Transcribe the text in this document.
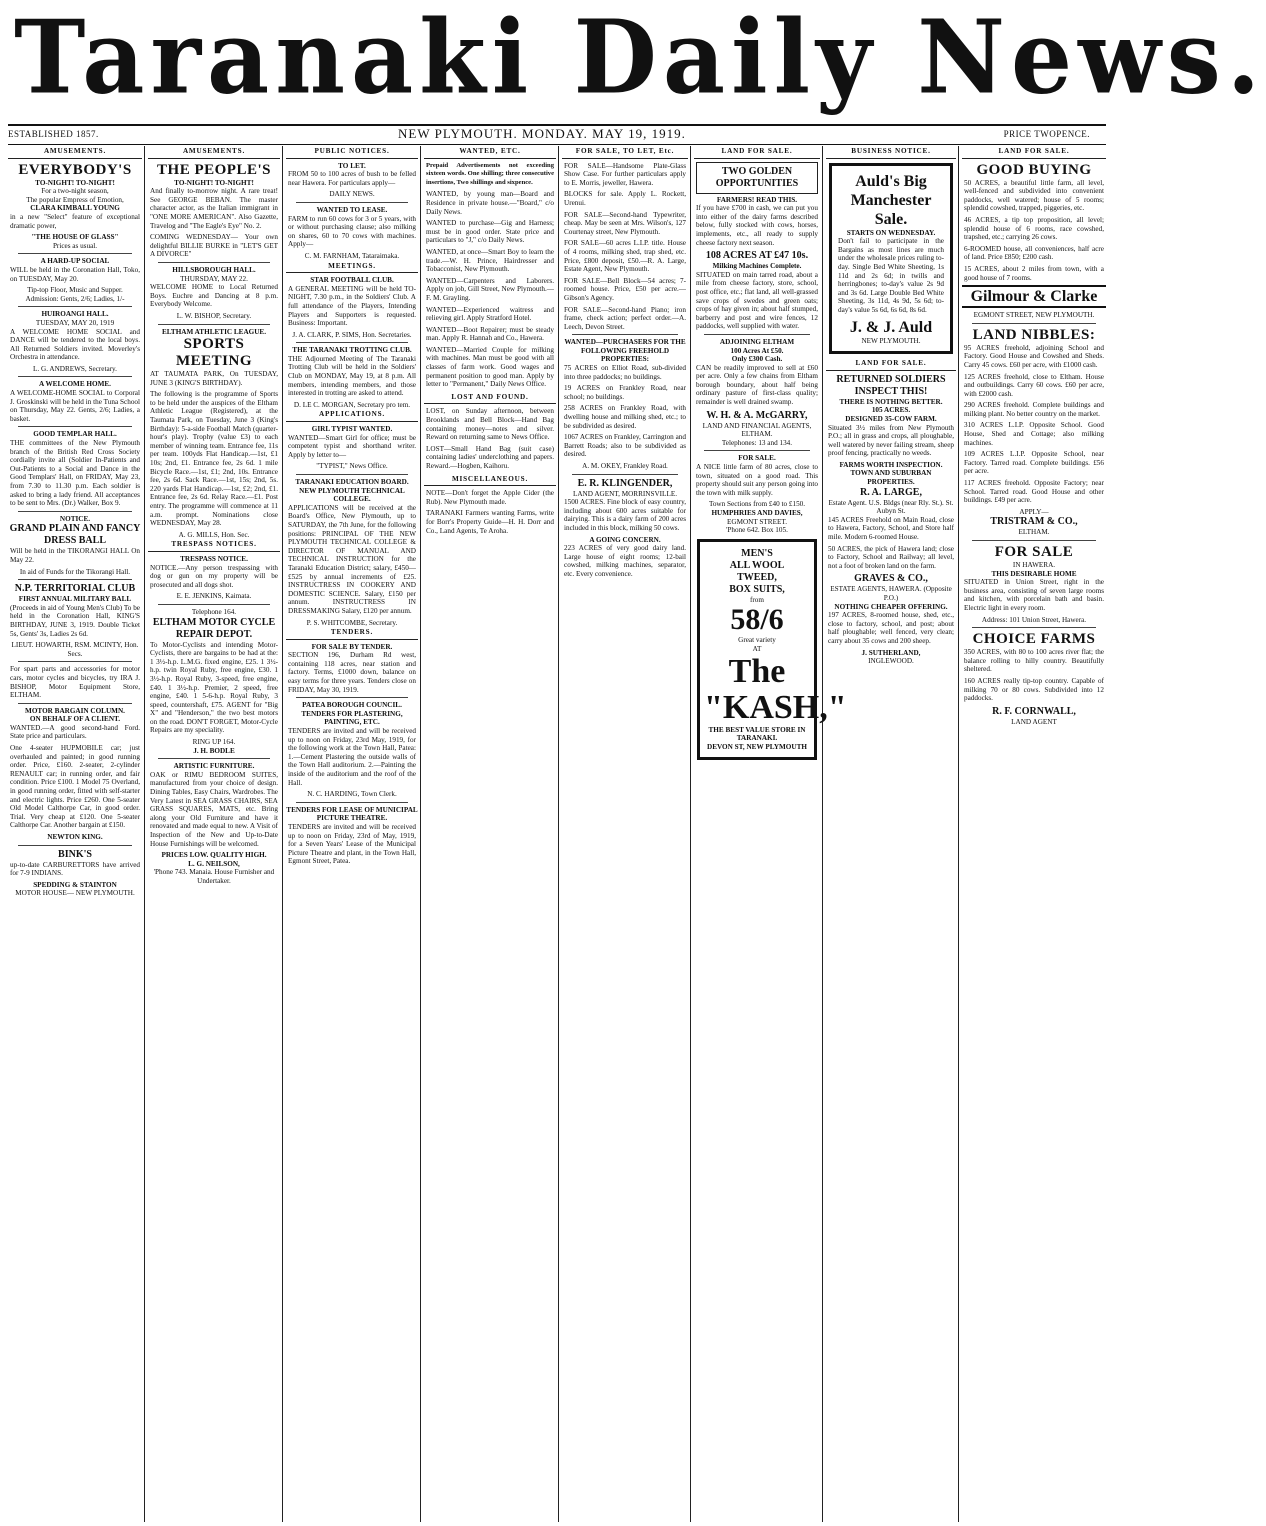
Taranaki Daily News.
ESTABLISHED 1857.	NEW PLYMOUTH. MONDAY. MAY 19, 1919.	PRICE TWOPENCE.
AMUSEMENTS.
EVERYBODY'S
TO-NIGHT! TO-NIGHT!
For a two-night season,
The popular Empress of Emotion,
CLARA KIMBALL YOUNG
in a new "Select" feature of exceptional dramatic power,
"THE HOUSE OF GLASS"
Prices as usual.
A HARD-UP SOCIAL
WILL be held in the Coronation Hall, Toko, on TUESDAY, May 20.
Tip-top Floor, Music and Supper.
Admission: Gents, 2/6; Ladies, 1/-
HUIROANGI HALL.
TUESDAY, MAY 20, 1919
A WELCOME HOME SOCIAL and DANCE will be tendered to the local boys. All Returned Soldiers invited. Moverley's Orchestra in attendance.
L. G. ANDREWS, Secretary.
A WELCOME HOME.
A WELCOME-HOME SOCIAL to Corporal J. Groskinski will be held in the Tuna School on Thursday, May 22. Gents, 2/6; Ladies, a basket.
GOOD TEMPLAR HALL.
THE committees of the New Plymouth branch of the British Red Cross Society cordially invite all (Soldier In-Patients and Out-Patients to a Social and Dance in the Good Templars' Hall, on FRIDAY, May 23, from 7.30 to 11.30 p.m. Each soldier is asked to bring a lady friend. All acceptances to be sent to Mrs. (Dr.) Walker, Box 9.
NOTICE.
GRAND PLAIN AND FANCY DRESS BALL
Will be held in the TIKORANGI HALL On May 22.
In aid of Funds for the Tikorangi Hall.
N.P. TERRITORIAL CLUB
FIRST ANNUAL MILITARY BALL
(Proceeds in aid of Young Men's Club) To be held in the Coronation Hall, KING'S BIRTHDAY, JUNE 3, 1919. Double Ticket 5s, Gents' 3s, Ladies 2s 6d.
LIEUT. HOWARTH, RSM. MCINTY, Hon. Secs.
For spart parts and accessories for motor cars, motor cycles and bicycles, try IRA J. BISHOP, Motor Equipment Store, ELTHAM.
MOTOR BARGAIN COLUMN.
ON BEHALF OF A CLIENT.
WANTED.—A good second-hand Ford. State price and particulars.
One 4-seater HUPMOBILE car; just overhauled and painted; in good running order. Price, £160. 2-seater, 2-cylinder RENAULT car; in running order, and fair condition. Price £100. 1 Model 75 Overland, in good running order, fitted with self-starter and electric lights. Price £260. One 5-seater Old Model Calthorpe Car, in good order. Trial. Very cheap at £120. One 5-seater Calthorpe Car. Another bargain at £150.
NEWTON KING.
BINK'S
up-to-date CARBURETTORS have arrived for 7-9 INDIANS.
SPEDDING & STAINTON
MOTOR HOUSE— NEW PLYMOUTH.
AMUSEMENTS.
THE PEOPLE'S
TO-NIGHT! TO-NIGHT!
And finally to-morrow night. A rare treat! See GEORGE BEBAN. The master character actor, as the Italian immigrant in "ONE MORE AMERICAN". Also Gazette, Travelog and "The Eagle's Eye" No. 2.
COMING WEDNESDAY— Your own delightful BILLIE BURKE in "LET'S GET A DIVORCE"
HILLSBOROUGH HALL.
THURSDAY, MAY 22.
WELCOME HOME to Local Returned Boys. Euchre and Dancing at 8 p.m. Everybody Welcome.
L. W. BISHOP, Secretary.
ELTHAM ATHLETIC LEAGUE.
SPORTS MEETING
AT TAUMATA PARK, On TUESDAY, JUNE 3 (KING'S BIRTHDAY).
The following is the programme of Sports to be held under the auspices of the Eltham Athletic League (Registered), at the Taumata Park, on Tuesday, June 3 (King's Birthday): 5-a-side Football Match (quarter-hour's play). Trophy (value £3) to each member of winning team. Entrance fee, 11s per team. 100yds Flat Handicap.—1st, £1 10s; 2nd, £1. Entrance fee, 2s 6d. 1 mile Bicycle Race.—1st, £1; 2nd, 10s. Entrance fee, 2s 6d. Sack Race.—1st, 15s; 2nd, 5s. 220 yards Flat Handicap.—1st, £2; 2nd, £1. Entrance fee, 2s 6d. Relay Race.—£1. Post entry. The programme will commence at 11 a.m. prompt. Nominations close WEDNESDAY, May 28.
A. G. MILLS, Hon. Sec.
TRESPASS NOTICES.
TRESPASS NOTICE.
NOTICE.—Any person trespassing with dog or gun on my property will be prosecuted and all dogs shot.
E. E. JENKINS, Kaimata.
Telephone 164.
ELTHAM MOTOR CYCLE REPAIR DEPOT.
To Motor-Cyclists and intending Motor-Cyclists, there are bargains to be had at the: 1 3½-h.p. L.M.G. fixed engine, £25. 1 3½-h.p. twin Royal Ruby, free engine, £30. 1 3½-h.p. Royal Ruby, 3-speed, free engine, £40. 1 3½-h.p. Premier, 2 speed, free engine, £40. 1 5-6-h.p. Royal Ruby, 3 speed, countershaft, £75. AGENT for "Big X" and "Henderson," the two best motors on the road. DON'T FORGET, Motor-Cycle Repairs are my speciality.
RING UP 164.
J. H. BODLE
ARTISTIC FURNITURE.
OAK or RIMU BEDROOM SUITES, manufactured from your choice of design. Dining Tables, Easy Chairs, Wardrobes. The Very Latest in SEA GRASS CHAIRS, SEA GRASS SQUARES, MATS, etc. Bring along your Old Furniture and have it renovated and made equal to new. A Visit of Inspection of the New and Up-to-Date House Furnishings will be welcomed.
PRICES LOW. QUALITY HIGH.
L. G. NEILSON,
'Phone 743. Manaia. House Furnisher and Undertaker.
PUBLIC NOTICES.
TO LET.
FROM 50 to 100 acres of bush to be felled near Hawera. For particulars apply—
DAILY NEWS.
WANTED TO LEASE.
FARM to run 60 cows for 3 or 5 years, with or without purchasing clause; also milking on shares, 60 to 70 cows with machines. Apply—
C. M. FARNHAM, Tataraimaka.
MEETINGS.
STAR FOOTBALL CLUB.
A GENERAL MEETING will be held TO-NIGHT, 7.30 p.m., in the Soldiers' Club. A full attendance of the Players, Intending Players and Supporters is requested. Business: Important.
J. A. CLARK, P. SIMS, Hon. Secretaries.
THE TARANAKI TROTTING CLUB.
THE Adjourned Meeting of The Taranaki Trotting Club will be held in the Soldiers' Club on MONDAY, May 19, at 8 p.m. All members, intending members, and those interested in trotting are asked to attend.
D. LE C. MORGAN, Secretary pro tem.
APPLICATIONS.
GIRL TYPIST WANTED.
WANTED—Smart Girl for office; must be competent typist and shorthand writer. Apply by letter to—
"TYPIST," News Office.
TARANAKI EDUCATION BOARD.
NEW PLYMOUTH TECHNICAL COLLEGE.
APPLICATIONS will be received at the Board's Office, New Plymouth, up to SATURDAY, the 7th June, for the following positions: PRINCIPAL OF THE NEW PLYMOUTH TECHNICAL COLLEGE & DIRECTOR OF MANUAL AND TECHNICAL INSTRUCTION for the Taranaki Education District; salary, £450—£525 by annual increments of £25. INSTRUCTRESS IN COOKERY AND DOMESTIC SCIENCE. Salary, £150 per annum. INSTRUCTRESS IN DRESSMAKING Salary, £120 per annum.
P. S. WHITCOMBE, Secretary.
TENDERS.
FOR SALE BY TENDER.
SECTION 196, Durham Rd west, containing 118 acres, near station and factory. Terms, £1000 down, balance on easy terms for three years. Tenders close on FRIDAY, May 30, 1919.
PATEA BOROUGH COUNCIL.
TENDERS FOR PLASTERING, PAINTING, ETC.
TENDERS are invited and will be received up to noon on Friday, 23rd May, 1919, for the following work at the Town Hall, Patea: 1.—Cement Plastering the outside walls of the Town Hall auditorium. 2.—Painting the inside of the auditorium and the roof of the Hall.
N. C. HARDING, Town Clerk.
TENDERS FOR LEASE OF MUNICIPAL PICTURE THEATRE.
TENDERS are invited and will be received up to noon on Friday, 23rd of May, 1919, for a Seven Years' Lease of the Municipal Picture Theatre and plant, in the Town Hall, Egmont Street, Patea.
WANTED, ETC.
Prepaid Advertisements not exceeding sixteen words. One shilling; three consecutive insertions, Two shillings and sixpence.
WANTED, by young man—Board and Residence in private house.—"Board," c/o Daily News.
WANTED to purchase—Gig and Harness; must be in good order. State price and particulars to "J," c/o Daily News.
WANTED, at once—Smart Boy to learn the trade.—W. H. Prince, Hairdresser and Tobacconist, New Plymouth.
WANTED—Carpenters and Laborers. Apply on job, Gill Street, New Plymouth.—F. M. Grayling.
WANTED—Experienced waitress and relieving girl. Apply Stratford Hotel.
WANTED—Boot Repairer; must be steady man. Apply R. Hannah and Co., Hawera.
WANTED—Married Couple for milking with machines. Man must be good with all classes of farm work. Good wages and permanent position to good man. Apply by letter to "Permanent," Daily News Office.
LOST AND FOUND.
LOST, on Sunday afternoon, between Brooklands and Bell Block—Hand Bag containing money—notes and silver. Reward on returning same to News Office.
LOST—Small Hand Bag (suit case) containing ladies' underclothing and papers. Reward.—Hogben, Kaihoru.
MISCELLANEOUS.
NOTE—Don't forget the Apple Cider (the Rub). New Plymouth made.
TARANAKI Farmers wanting Farms, write for Borr's Property Guide—H. H. Dorr and Co., Land Agents, Te Aroha.
FOR SALE, TO LET, Etc.
FOR SALE—Handsome Plate-Glass Show Case. For further particulars apply to E. Morris, jeweller, Hawera.
BLOCKS for sale. Apply L. Rockett, Urenui.
FOR SALE—Second-hand Typewriter, cheap. May be seen at Mrs. Wilson's, 127 Courtenay street, New Plymouth.
FOR SALE—60 acres L.I.P. title. House of 4 rooms, milking shed, trap shed, etc. Price, £800 deposit, £50.—R. A. Large, Estate Agent, New Plymouth.
FOR SALE—Bell Block—54 acres; 7-roomed house. Price, £50 per acre.—Gibson's Agency.
FOR SALE—Second-hand Piano; iron frame, check action; perfect order.—A. Leech, Devon Street.
WANTED—PURCHASERS FOR THE FOLLOWING FREEHOLD PROPERTIES:
75 ACRES on Elliot Road, sub-divided into three paddocks; no buildings.
19 ACRES on Frankley Road, near school; no buildings.
258 ACRES on Frankley Road, with dwelling house and milking shed, etc.; to be subdivided as desired.
1067 ACRES on Frankley, Carrington and Barrett Roads; also to be subdivided as desired.
A. M. OKEY, Frankley Road.
E. R. KLINGENDER,
LAND AGENT, MORRINSVILLE.
1500 ACRES. Fine block of easy country, including about 600 acres suitable for dairying. This is a dairy farm of 200 acres included in this block, milking 50 cows.
A GOING CONCERN.
223 ACRES of very good dairy land. Large house of eight rooms; 12-bail cowshed, milking machines, separator, etc. Every convenience.
LAND FOR SALE.
TWO GOLDEN OPPORTUNITIES
FARMERS! READ THIS.
If you have £700 in cash, we can put you into either of the dairy farms described below, fully stocked with cows, horses, implements, etc., all ready to supply cheese factory next season.
108 ACRES AT £47 10s.
Milking Machines Complete.
SITUATED on main tarred road, about a mile from cheese factory, store, school, post office, etc.; flat land, all well-grassed save crops of swedes and green oats; crops of hay given in; about half stumped, barberry and post and wire fences, 12 paddocks, well supplied with water.
ADJOINING ELTHAM
100 Acres At £50.
Only £300 Cash.
CAN be readily improved to sell at £60 per acre. Only a few chains from Eltham borough boundary, about half being ordinary pasture of first-class quality; remainder is well drained swamp.
W. H. & A. McGARRY,
LAND AND FINANCIAL AGENTS, ELTHAM.
Telephones: 13 and 134.
FOR SALE.
A NICE little farm of 80 acres, close to town, situated on a good road. This property should suit any person going into the town with milk supply.
Town Sections from £40 to £150.
HUMPHRIES AND DAVIES,
EGMONT STREET.
'Phone 642. Box 105.
MEN'S
ALL WOOL
TWEED,
BOX SUITS,
from
58/6
Great variety
AT
The "KASH,"
THE BEST VALUE STORE IN TARANAKI.
DEVON ST, NEW PLYMOUTH
BUSINESS NOTICE.
Auld's Big Manchester Sale.
STARTS ON WEDNESDAY.
Don't fail to participate in the Bargains as most lines are much under the wholesale prices ruling to-day. Single Bed White Sheeting, 1s 11d and 2s 6d; in twills and herringbones; to-day's value 2s 9d and 3s 6d. Large Double Bed White Sheeting, 3s 11d, 4s 9d, 5s 6d; to-day's value 5s 6d, 6s 6d, 8s 6d.
J. & J. Auld
NEW PLYMOUTH.
LAND FOR SALE.
RETURNED SOLDIERS INSPECT THIS!
THERE IS NOTHING BETTER.
105 ACRES.
DESIGNED 35-COW FARM.
Situated 3½ miles from New Plymouth P.O.; all in grass and crops, all ploughable, well watered by never failing stream, sheep proof fencing, practically no weeds.
FARMS WORTH INSPECTION.
TOWN AND SUBURBAN PROPERTIES.
R. A. LARGE,
Estate Agent. U.S. Bldgs (near Rly. St.). St. Aubyn St.
145 ACRES Freehold on Main Road, close to Hawera, Factory, School, and Store half mile. Modern 6-roomed House.
50 ACRES, the pick of Hawera land; close to Factory, School and Railway; all level, not a foot of broken land on the farm.
GRAVES & CO.,
ESTATE AGENTS, HAWERA. (Opposite P.O.)
NOTHING CHEAPER OFFERING.
197 ACRES, 8-roomed house, shed, etc., close to factory, school, and post; about half ploughable; well fenced, very clean; carry about 35 cows and 200 sheep.
J. SUTHERLAND,
INGLEWOOD.
LAND FOR SALE.
GOOD BUYING
50 ACRES, a beautiful little farm, all level, well-fenced and subdivided into convenient paddocks, well watered; house of 5 rooms; splendid cowshed, trapped, piggeries, etc.
46 ACRES, a tip top proposition, all level; splendid house of 6 rooms, race cowshed, trapshed, etc.; carrying 26 cows.
6-ROOMED house, all conveniences, half acre of land. Price £850; £200 cash.
15 ACRES, about 2 miles from town, with a good house of 7 rooms.
Gilmour & Clarke
EGMONT STREET, NEW PLYMOUTH.
LAND NIBBLES:
95 ACRES freehold, adjoining School and Factory. Good House and Cowshed and Sheds. Carry 45 cows. £60 per acre, with £1000 cash.
125 ACRES freehold, close to Eltham. House and outbuildings. Carry 60 cows. £60 per acre, with £2000 cash.
290 ACRES freehold. Complete buildings and milking plant. No better country on the market.
310 ACRES L.I.P. Opposite School. Good House, Shed and Cottage; also milking machines.
109 ACRES L.I.P. Opposite School, near Factory. Tarred road. Complete buildings. £56 per acre.
117 ACRES freehold. Opposite Factory; near School. Tarred road. Good House and other buildings. £49 per acre.
APPLY—
TRISTRAM & CO.,
ELTHAM.
FOR SALE
IN HAWERA.
THIS DESIRABLE HOME
SITUATED in Union Street, right in the business area, consisting of seven large rooms and kitchen, with porcelain bath and basin. Electric light in every room.
Address: 101 Union Street, Hawera.
CHOICE FARMS
350 ACRES, with 80 to 100 acres river flat; the balance rolling to hilly country. Beautifully sheltered.
160 ACRES really tip-top country. Capable of milking 70 or 80 cows. Subdivided into 12 paddocks.
R. F. CORNWALL,
LAND AGENT
